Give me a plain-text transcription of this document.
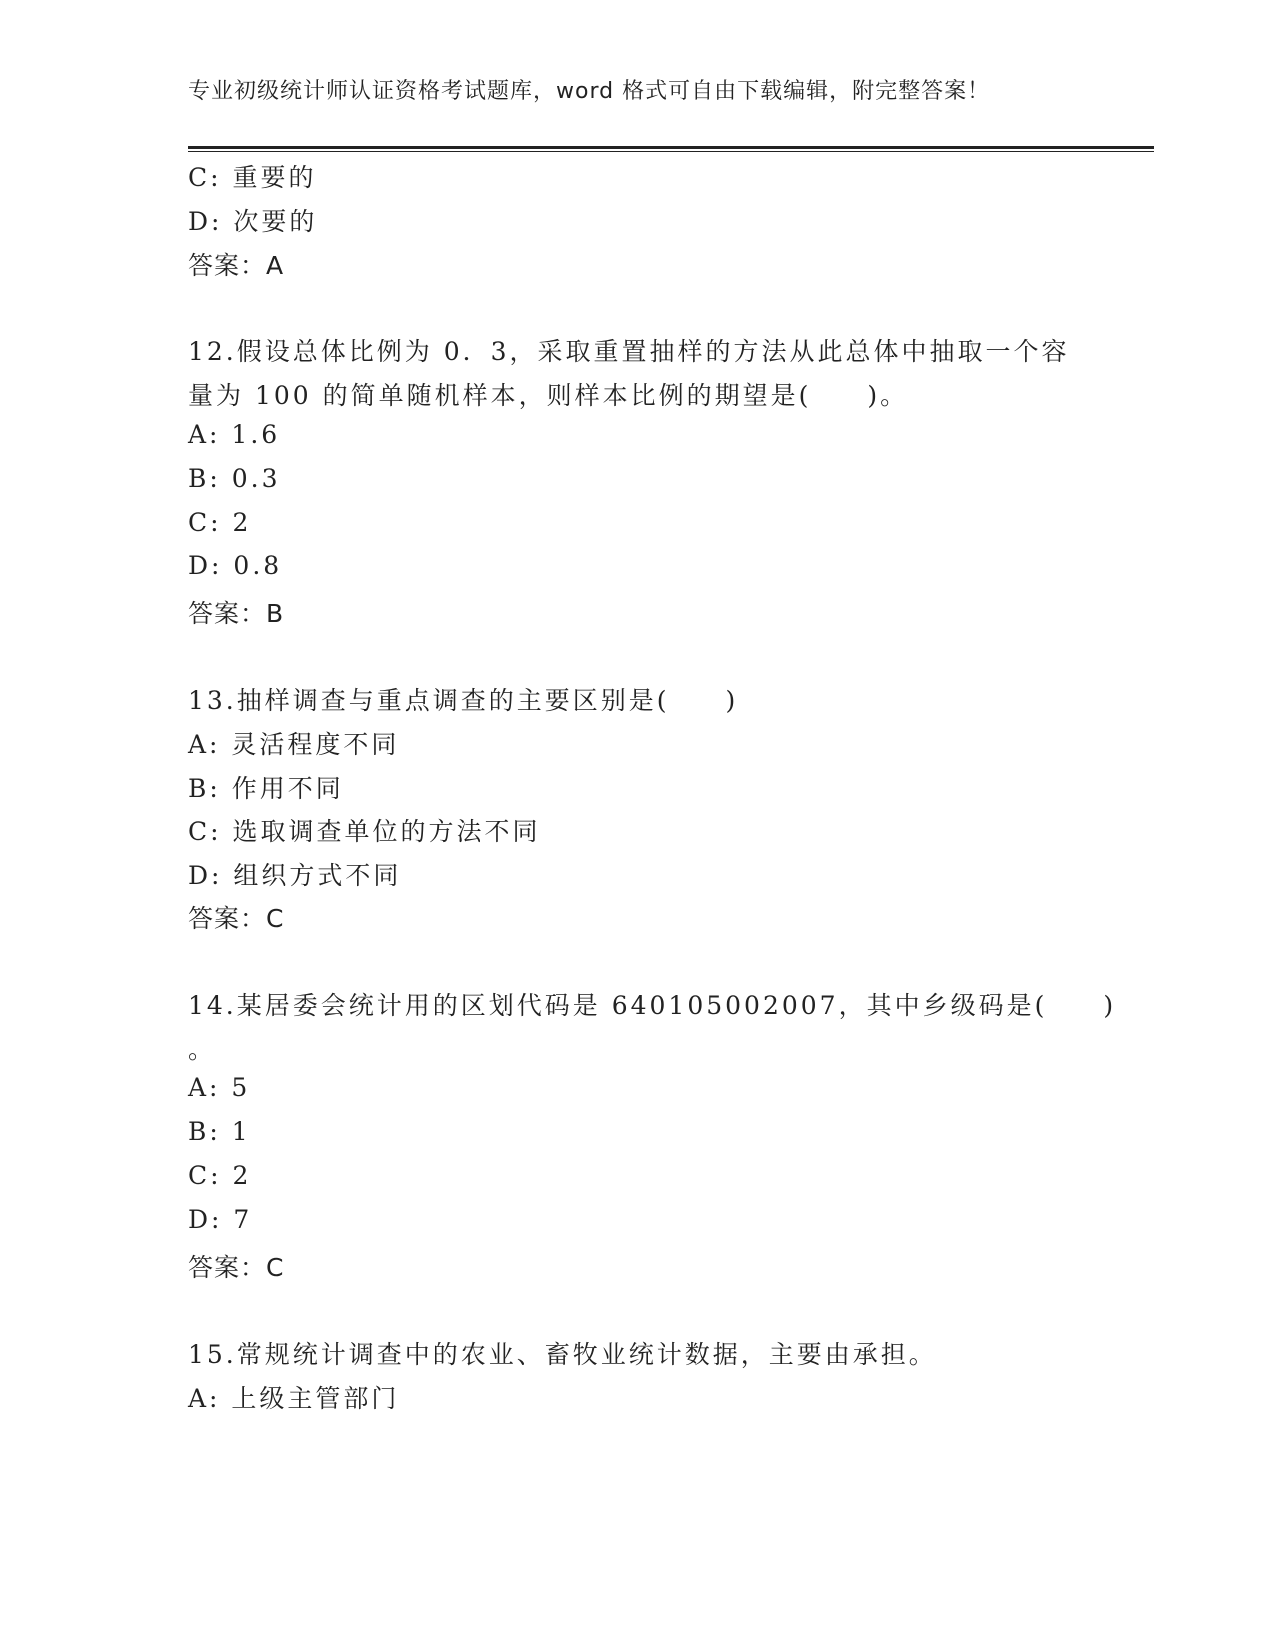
专业初级统计师认证资格考试题库，word 格式可自由下载编辑，附完整答案！
C: 重要的
D: 次要的
答案：A
12.假设总体比例为 0．3，采取重置抽样的方法从此总体中抽取一个容
量为 100 的简单随机样本，则样本比例的期望是(　　)。
A: 1.6
B: 0.3
C: 2
D: 0.8
答案：B
13.抽样调查与重点调查的主要区别是(　　)
A: 灵活程度不同
B: 作用不同
C: 选取调查单位的方法不同
D: 组织方式不同
答案：C
14.某居委会统计用的区划代码是 640105002007，其中乡级码是(　　)
。
A: 5
B: 1
C: 2
D: 7
答案：C
15.常规统计调查中的农业、畜牧业统计数据，主要由承担。
A: 上级主管部门
